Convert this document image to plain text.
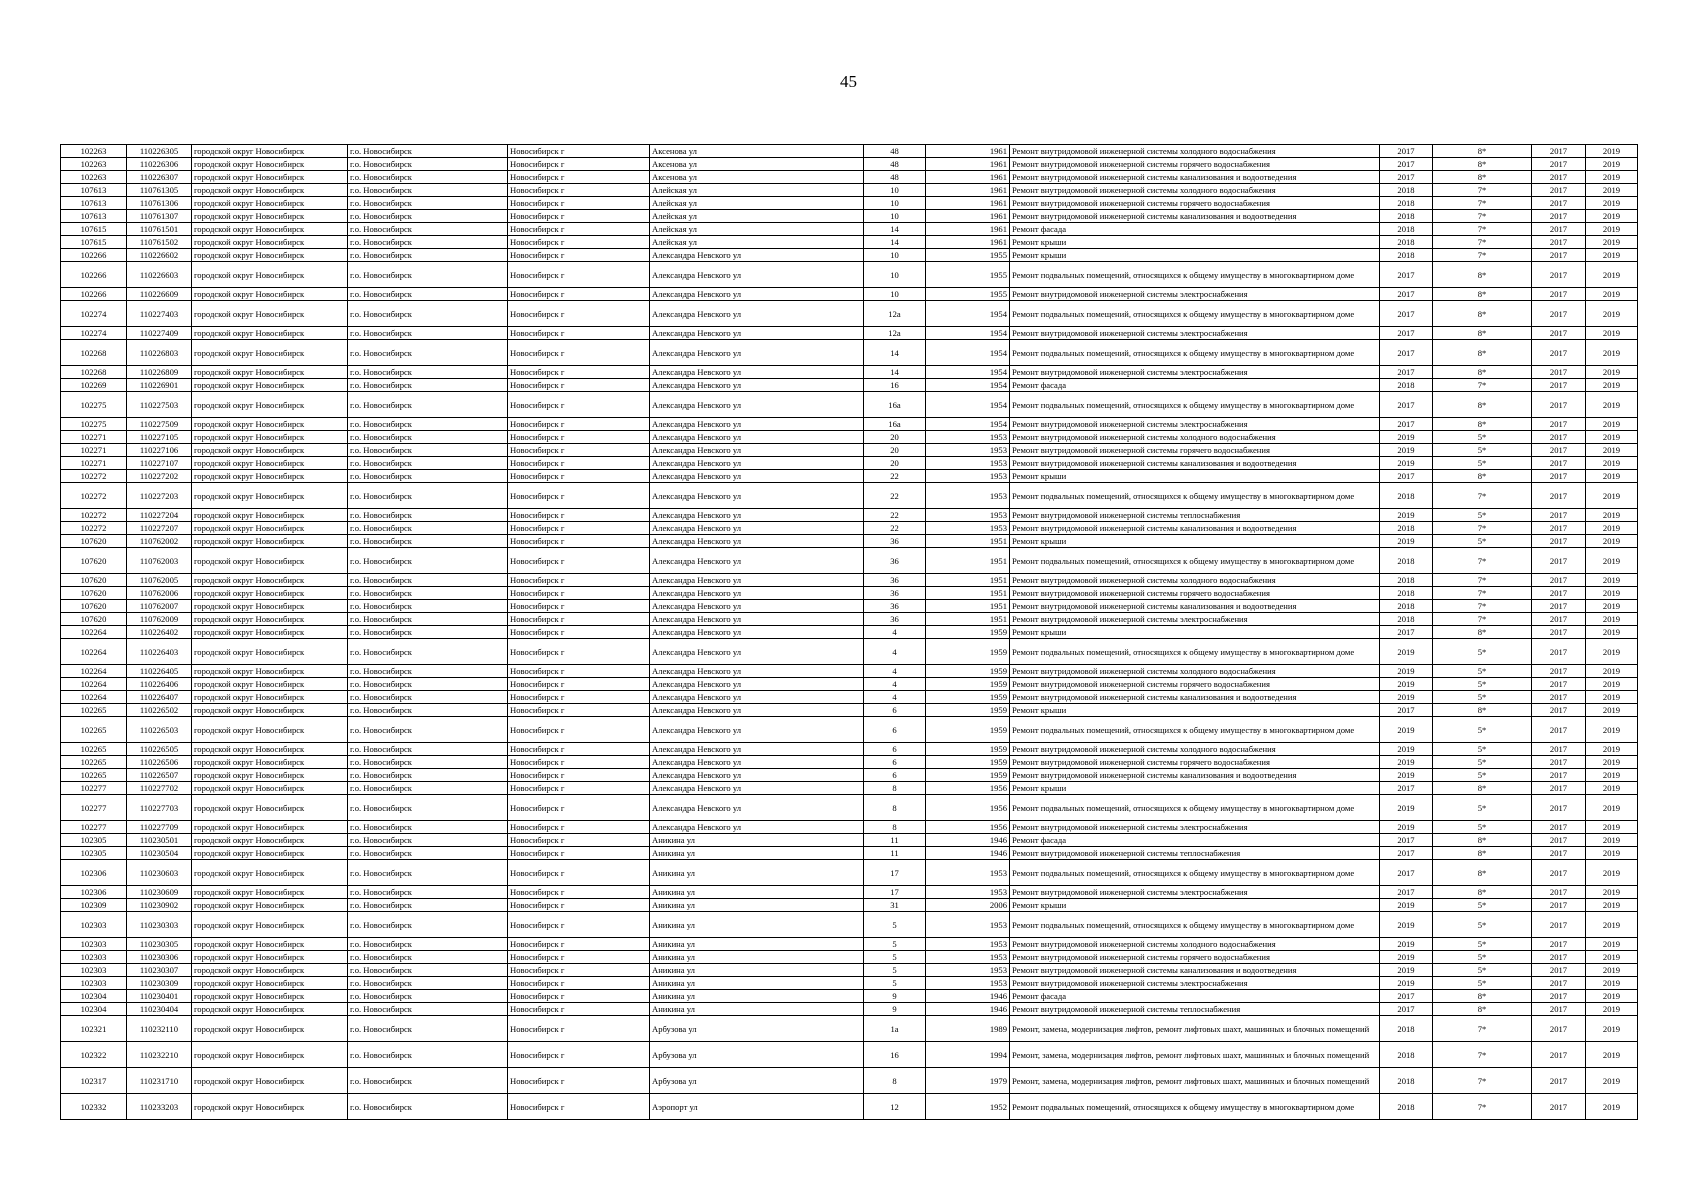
45
102263	110226305	городской округ Новосибирск	г.о. Новосибирск	Новосибирск г	Аксенова ул	48	1961	Ремонт внутридомовой инженерной системы холодного водоснабжения	2017	8*	2017	2019
102263	110226306	городской округ Новосибирск	г.о. Новосибирск	Новосибирск г	Аксенова ул	48	1961	Ремонт внутридомовой инженерной системы горячего водоснабжения	2017	8*	2017	2019
102263	110226307	городской округ Новосибирск	г.о. Новосибирск	Новосибирск г	Аксенова ул	48	1961	Ремонт внутридомовой инженерной системы канализования и водоотведения	2017	8*	2017	2019
107613	110761305	городской округ Новосибирск	г.о. Новосибирск	Новосибирск г	Алейская ул	10	1961	Ремонт внутридомовой инженерной системы холодного водоснабжения	2018	7*	2017	2019
107613	110761306	городской округ Новосибирск	г.о. Новосибирск	Новосибирск г	Алейская ул	10	1961	Ремонт внутридомовой инженерной системы горячего водоснабжения	2018	7*	2017	2019
107613	110761307	городской округ Новосибирск	г.о. Новосибирск	Новосибирск г	Алейская ул	10	1961	Ремонт внутридомовой инженерной системы канализования и водоотведения	2018	7*	2017	2019
107615	110761501	городской округ Новосибирск	г.о. Новосибирск	Новосибирск г	Алейская ул	14	1961	Ремонт фасада	2018	7*	2017	2019
107615	110761502	городской округ Новосибирск	г.о. Новосибирск	Новосибирск г	Алейская ул	14	1961	Ремонт крыши	2018	7*	2017	2019
102266	110226602	городской округ Новосибирск	г.о. Новосибирск	Новосибирск г	Александра Невского ул	10	1955	Ремонт крыши	2018	7*	2017	2019
102266	110226603	городской округ Новосибирск	г.о. Новосибирск	Новосибирск г	Александра Невского ул	10	1955	Ремонт подвальных помещений, относящихся к общему имуществу в многоквартирном доме	2017	8*	2017	2019
102266	110226609	городской округ Новосибирск	г.о. Новосибирск	Новосибирск г	Александра Невского ул	10	1955	Ремонт внутридомовой инженерной системы электроснабжения	2017	8*	2017	2019
102274	110227403	городской округ Новосибирск	г.о. Новосибирск	Новосибирск г	Александра Невского ул	12а	1954	Ремонт подвальных помещений, относящихся к общему имуществу в многоквартирном доме	2017	8*	2017	2019
102274	110227409	городской округ Новосибирск	г.о. Новосибирск	Новосибирск г	Александра Невского ул	12а	1954	Ремонт внутридомовой инженерной системы электроснабжения	2017	8*	2017	2019
102268	110226803	городской округ Новосибирск	г.о. Новосибирск	Новосибирск г	Александра Невского ул	14	1954	Ремонт подвальных помещений, относящихся к общему имуществу в многоквартирном доме	2017	8*	2017	2019
102268	110226809	городской округ Новосибирск	г.о. Новосибирск	Новосибирск г	Александра Невского ул	14	1954	Ремонт внутридомовой инженерной системы электроснабжения	2017	8*	2017	2019
102269	110226901	городской округ Новосибирск	г.о. Новосибирск	Новосибирск г	Александра Невского ул	16	1954	Ремонт фасада	2018	7*	2017	2019
102275	110227503	городской округ Новосибирск	г.о. Новосибирск	Новосибирск г	Александра Невского ул	16а	1954	Ремонт подвальных помещений, относящихся к общему имуществу в многоквартирном доме	2017	8*	2017	2019
102275	110227509	городской округ Новосибирск	г.о. Новосибирск	Новосибирск г	Александра Невского ул	16а	1954	Ремонт внутридомовой инженерной системы электроснабжения	2017	8*	2017	2019
102271	110227105	городской округ Новосибирск	г.о. Новосибирск	Новосибирск г	Александра Невского ул	20	1953	Ремонт внутридомовой инженерной системы холодного водоснабжения	2019	5*	2017	2019
102271	110227106	городской округ Новосибирск	г.о. Новосибирск	Новосибирск г	Александра Невского ул	20	1953	Ремонт внутридомовой инженерной системы горячего водоснабжения	2019	5*	2017	2019
102271	110227107	городской округ Новосибирск	г.о. Новосибирск	Новосибирск г	Александра Невского ул	20	1953	Ремонт внутридомовой инженерной системы канализования и водоотведения	2019	5*	2017	2019
102272	110227202	городской округ Новосибирск	г.о. Новосибирск	Новосибирск г	Александра Невского ул	22	1953	Ремонт крыши	2017	8*	2017	2019
102272	110227203	городской округ Новосибирск	г.о. Новосибирск	Новосибирск г	Александра Невского ул	22	1953	Ремонт подвальных помещений, относящихся к общему имуществу в многоквартирном доме	2018	7*	2017	2019
102272	110227204	городской округ Новосибирск	г.о. Новосибирск	Новосибирск г	Александра Невского ул	22	1953	Ремонт внутридомовой инженерной системы теплоснабжения	2019	5*	2017	2019
102272	110227207	городской округ Новосибирск	г.о. Новосибирск	Новосибирск г	Александра Невского ул	22	1953	Ремонт внутридомовой инженерной системы канализования и водоотведения	2018	7*	2017	2019
107620	110762002	городской округ Новосибирск	г.о. Новосибирск	Новосибирск г	Александра Невского ул	36	1951	Ремонт крыши	2019	5*	2017	2019
107620	110762003	городской округ Новосибирск	г.о. Новосибирск	Новосибирск г	Александра Невского ул	36	1951	Ремонт подвальных помещений, относящихся к общему имуществу в многоквартирном доме	2018	7*	2017	2019
107620	110762005	городской округ Новосибирск	г.о. Новосибирск	Новосибирск г	Александра Невского ул	36	1951	Ремонт внутридомовой инженерной системы холодного водоснабжения	2018	7*	2017	2019
107620	110762006	городской округ Новосибирск	г.о. Новосибирск	Новосибирск г	Александра Невского ул	36	1951	Ремонт внутридомовой инженерной системы горячего водоснабжения	2018	7*	2017	2019
107620	110762007	городской округ Новосибирск	г.о. Новосибирск	Новосибирск г	Александра Невского ул	36	1951	Ремонт внутридомовой инженерной системы канализования и водоотведения	2018	7*	2017	2019
107620	110762009	городской округ Новосибирск	г.о. Новосибирск	Новосибирск г	Александра Невского ул	36	1951	Ремонт внутридомовой инженерной системы электроснабжения	2018	7*	2017	2019
102264	110226402	городской округ Новосибирск	г.о. Новосибирск	Новосибирск г	Александра Невского ул	4	1959	Ремонт крыши	2017	8*	2017	2019
102264	110226403	городской округ Новосибирск	г.о. Новосибирск	Новосибирск г	Александра Невского ул	4	1959	Ремонт подвальных помещений, относящихся к общему имуществу в многоквартирном доме	2019	5*	2017	2019
102264	110226405	городской округ Новосибирск	г.о. Новосибирск	Новосибирск г	Александра Невского ул	4	1959	Ремонт внутридомовой инженерной системы холодного водоснабжения	2019	5*	2017	2019
102264	110226406	городской округ Новосибирск	г.о. Новосибирск	Новосибирск г	Александра Невского ул	4	1959	Ремонт внутридомовой инженерной системы горячего водоснабжения	2019	5*	2017	2019
102264	110226407	городской округ Новосибирск	г.о. Новосибирск	Новосибирск г	Александра Невского ул	4	1959	Ремонт внутридомовой инженерной системы канализования и водоотведения	2019	5*	2017	2019
102265	110226502	городской округ Новосибирск	г.о. Новосибирск	Новосибирск г	Александра Невского ул	6	1959	Ремонт крыши	2017	8*	2017	2019
102265	110226503	городской округ Новосибирск	г.о. Новосибирск	Новосибирск г	Александра Невского ул	6	1959	Ремонт подвальных помещений, относящихся к общему имуществу в многоквартирном доме	2019	5*	2017	2019
102265	110226505	городской округ Новосибирск	г.о. Новосибирск	Новосибирск г	Александра Невского ул	6	1959	Ремонт внутридомовой инженерной системы холодного водоснабжения	2019	5*	2017	2019
102265	110226506	городской округ Новосибирск	г.о. Новосибирск	Новосибирск г	Александра Невского ул	6	1959	Ремонт внутридомовой инженерной системы горячего водоснабжения	2019	5*	2017	2019
102265	110226507	городской округ Новосибирск	г.о. Новосибирск	Новосибирск г	Александра Невского ул	6	1959	Ремонт внутридомовой инженерной системы канализования и водоотведения	2019	5*	2017	2019
102277	110227702	городской округ Новосибирск	г.о. Новосибирск	Новосибирск г	Александра Невского ул	8	1956	Ремонт крыши	2017	8*	2017	2019
102277	110227703	городской округ Новосибирск	г.о. Новосибирск	Новосибирск г	Александра Невского ул	8	1956	Ремонт подвальных помещений, относящихся к общему имуществу в многоквартирном доме	2019	5*	2017	2019
102277	110227709	городской округ Новосибирск	г.о. Новосибирск	Новосибирск г	Александра Невского ул	8	1956	Ремонт внутридомовой инженерной системы электроснабжения	2019	5*	2017	2019
102305	110230501	городской округ Новосибирск	г.о. Новосибирск	Новосибирск г	Аникина ул	11	1946	Ремонт фасада	2017	8*	2017	2019
102305	110230504	городской округ Новосибирск	г.о. Новосибирск	Новосибирск г	Аникина ул	11	1946	Ремонт внутридомовой инженерной системы теплоснабжения	2017	8*	2017	2019
102306	110230603	городской округ Новосибирск	г.о. Новосибирск	Новосибирск г	Аникина ул	17	1953	Ремонт подвальных помещений, относящихся к общему имуществу в многоквартирном доме	2017	8*	2017	2019
102306	110230609	городской округ Новосибирск	г.о. Новосибирск	Новосибирск г	Аникина ул	17	1953	Ремонт внутридомовой инженерной системы электроснабжения	2017	8*	2017	2019
102309	110230902	городской округ Новосибирск	г.о. Новосибирск	Новосибирск г	Аникина ул	31	2006	Ремонт крыши	2019	5*	2017	2019
102303	110230303	городской округ Новосибирск	г.о. Новосибирск	Новосибирск г	Аникина ул	5	1953	Ремонт подвальных помещений, относящихся к общему имуществу в многоквартирном доме	2019	5*	2017	2019
102303	110230305	городской округ Новосибирск	г.о. Новосибирск	Новосибирск г	Аникина ул	5	1953	Ремонт внутридомовой инженерной системы холодного водоснабжения	2019	5*	2017	2019
102303	110230306	городской округ Новосибирск	г.о. Новосибирск	Новосибирск г	Аникина ул	5	1953	Ремонт внутридомовой инженерной системы горячего водоснабжения	2019	5*	2017	2019
102303	110230307	городской округ Новосибирск	г.о. Новосибирск	Новосибирск г	Аникина ул	5	1953	Ремонт внутридомовой инженерной системы канализования и водоотведения	2019	5*	2017	2019
102303	110230309	городской округ Новосибирск	г.о. Новосибирск	Новосибирск г	Аникина ул	5	1953	Ремонт внутридомовой инженерной системы электроснабжения	2019	5*	2017	2019
102304	110230401	городской округ Новосибирск	г.о. Новосибирск	Новосибирск г	Аникина ул	9	1946	Ремонт фасада	2017	8*	2017	2019
102304	110230404	городской округ Новосибирск	г.о. Новосибирск	Новосибирск г	Аникина ул	9	1946	Ремонт внутридомовой инженерной системы теплоснабжения	2017	8*	2017	2019
102321	110232110	городской округ Новосибирск	г.о. Новосибирск	Новосибирск г	Арбузова ул	1а	1989	Ремонт, замена, модернизация лифтов, ремонт лифтовых шахт, машинных и блочных помещений	2018	7*	2017	2019
102322	110232210	городской округ Новосибирск	г.о. Новосибирск	Новосибирск г	Арбузова ул	16	1994	Ремонт, замена, модернизация лифтов, ремонт лифтовых шахт, машинных и блочных помещений	2018	7*	2017	2019
102317	110231710	городской округ Новосибирск	г.о. Новосибирск	Новосибирск г	Арбузова ул	8	1979	Ремонт, замена, модернизация лифтов, ремонт лифтовых шахт, машинных и блочных помещений	2018	7*	2017	2019
102332	110233203	городской округ Новосибирск	г.о. Новосибирск	Новосибирск г	Аэропорт ул	12	1952	Ремонт подвальных помещений, относящихся к общему имуществу в многоквартирном доме	2018	7*	2017	2019
